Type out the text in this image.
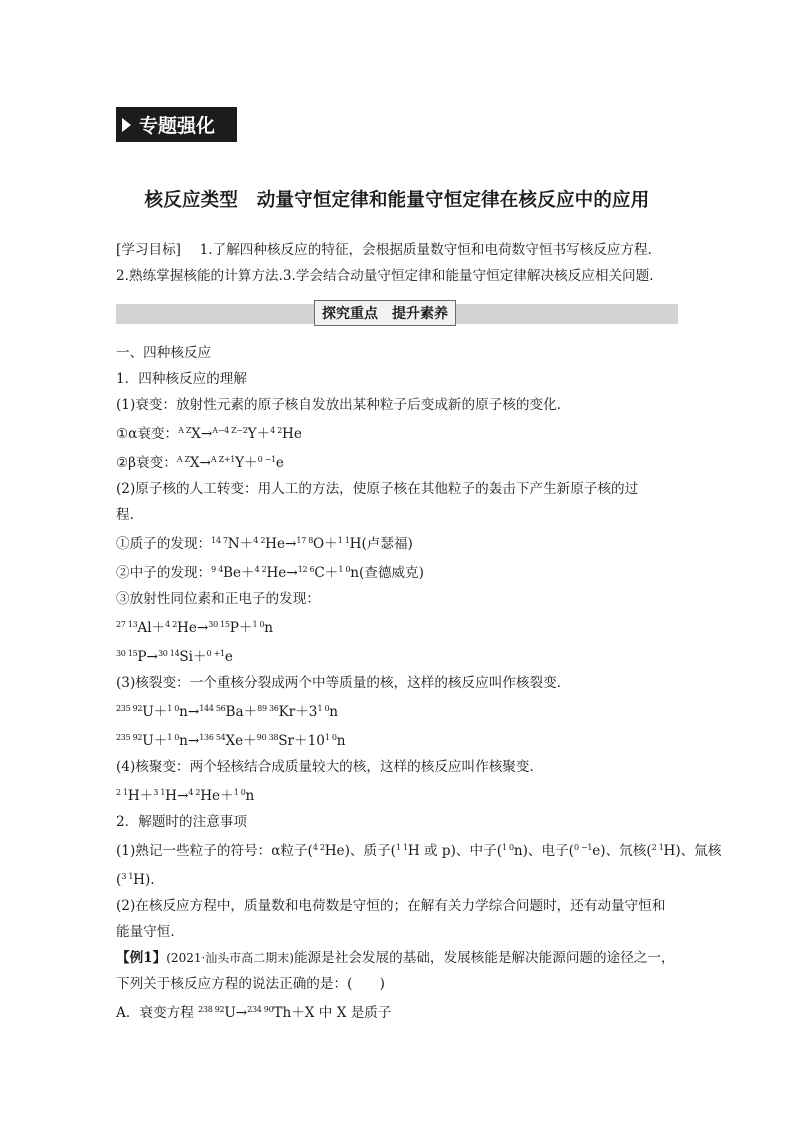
专题强化
核反应类型　动量守恒定律和能量守恒定律在核反应中的应用
[学习目标] 1.了解四种核反应的特征，会根据质量数守恒和电荷数守恒书写核反应方程.
2.熟练掌握核能的计算方法.3.学会结合动量守恒定律和能量守恒定律解决核反应相关问题.
探究重点 提升素养
一、四种核反应
1．四种核反应的理解
(1)衰变：放射性元素的原子核自发放出某种粒子后变成新的原子核的变化.
①α衰变：$^{A Z}$X→$^{A-4 Z-2}$Y＋$^{4 2}$He
②β衰变：$^{A Z}$X→$^{A Z+1}$Y＋$^{0 -1}$e
(2)原子核的人工转变：用人工的方法，使原子核在其他粒子的轰击下产生新原子核的过
程.
①质子的发现：$^{14 7}$N＋$^{4 2}$He→$^{17 8}$O＋$^{1 1}$H(卢瑟福)
②中子的发现：$^{9 4}$Be＋$^{4 2}$He→$^{12 6}$C＋$^{1 0}$n(查德威克)
③放射性同位素和正电子的发现：
$^{27 13}$Al＋$^{4 2}$He→$^{30 15}$P＋$^{1 0}$n
$^{30 15}$P→$^{30 14}$Si＋$^{0 +1}$e
(3)核裂变：一个重核分裂成两个中等质量的核，这样的核反应叫作核裂变.
$^{235 92}U+^{1 0}n\to^{144 56}Ba+^{89 36}Kr+3^{1 0}n$
$^{235 92}U+^{1 0}n\to^{136 54}Xe+^{90 38}Sr+10^{1 0}n$
(4)核聚变：两个轻核结合成质量较大的核，这样的核反应叫作核聚变.
$^{2 1}$H＋$^{3 1}$H→$^{4 2}$He＋$^{1 0}$n
2．解题时的注意事项
(1)熟记一些粒子的符号：α粒子($^{4 2}$He)、质子($^{1 1}$H 或 p)、中子($^{1 0}$n)、电子($^{0 -1}$e)、氘核($^{2 1}$H)、氚核
($^{3 1}$H).
(2)在核反应方程中，质量数和电荷数是守恒的；在解有关力学综合问题时，还有动量守恒和
能量守恒.
【例1】(2021·汕头市高二期末)能源是社会发展的基础，发展核能是解决能源问题的途径之一，
下列关于核反应方程的说法正确的是：(　　)
A．衰变方程 $^{238 92}$U→$^{234 90}$Th＋X 中 X 是质子
